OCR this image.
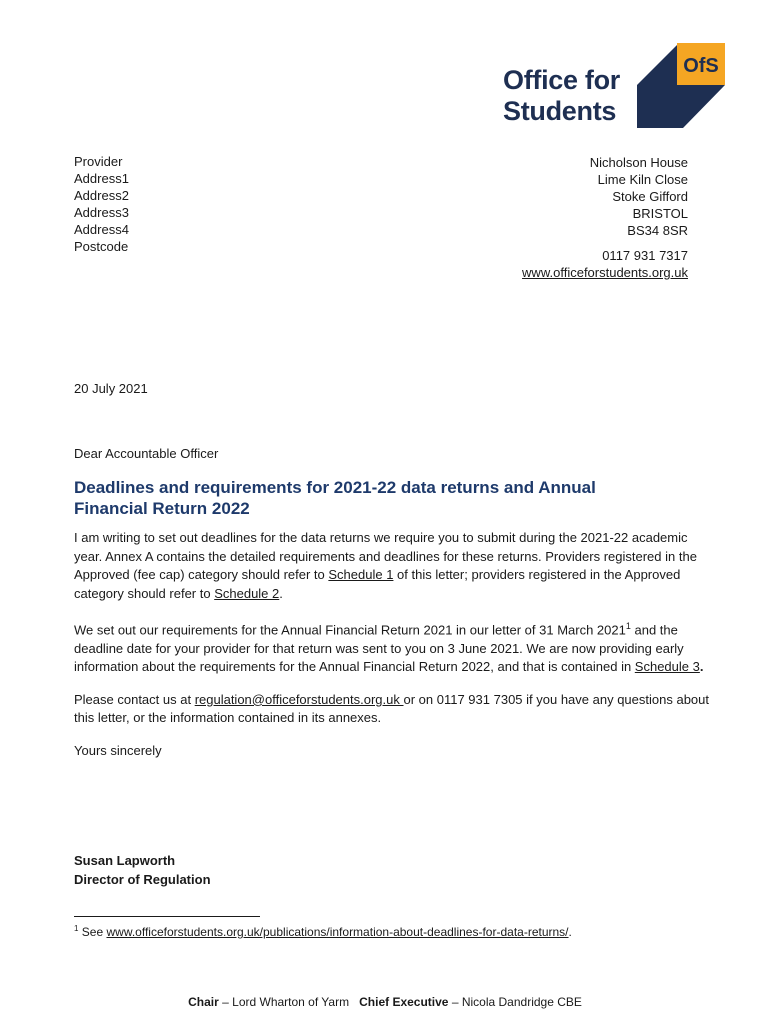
Office for
Students
OfS
Provider
Address1
Address2
Address3
Address4
Postcode
Nicholson House
Lime Kiln Close
Stoke Gifford
BRISTOL
BS34 8SR
0117 931 7317
www.officeforstudents.org.uk
20 July 2021
Dear Accountable Officer
Deadlines and requirements for 2021-22 data returns and Annual Financial Return 2022

I am writing to set out deadlines for the data returns we require you to submit during the 2021-22 academic year. Annex A contains the detailed requirements and deadlines for these returns. Providers registered in the Approved (fee cap) category should refer to Schedule 1 of this letter; providers registered in the Approved category should refer to Schedule 2.

We set out our requirements for the Annual Financial Return 2021 in our letter of 31 March 2021$^1$ and the deadline date for your provider for that return was sent to you on 3 June 2021. We are now providing early information about the requirements for the Annual Financial Return 2022, and that is contained in Schedule 3.

Please contact us at regulation@officeforstudents.org.uk or on 0117 931 7305 if you have any questions about this letter, or the information contained in its annexes.

Yours sincerely

Susan Lapworth
Director of Regulation
$^1$ See www.officeforstudents.org.uk/publications/information-about-deadlines-for-data-returns/.
Chair – Lord Wharton of Yarm Chief Executive – Nicola Dandridge CBE
